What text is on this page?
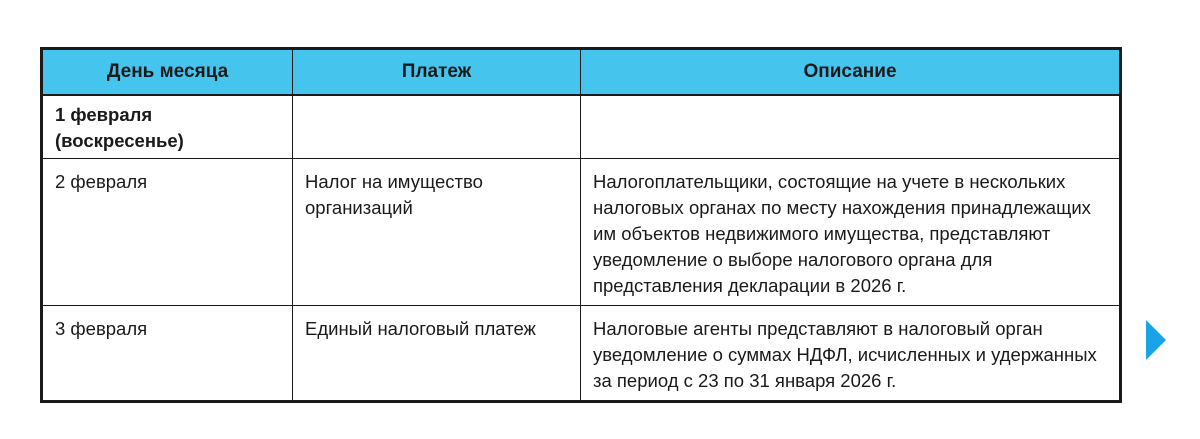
День месяца	Платеж	Описание
1 февраля (воскресенье)		
2 февраля	Налог на имущество организаций	Налогоплательщики, состоящие на учете в нескольких налоговых органах по месту нахождения принадлежащих им объектов недвижимого имущества, представляют уведомление о выборе налогового органа для представления декларации в 2026 г.
3 февраля	Единый налоговый платеж	Налоговые агенты представляют в налоговый орган уведомление о суммах НДФЛ, исчисленных и удержанных за период с 23 по 31 января 2026 г.
